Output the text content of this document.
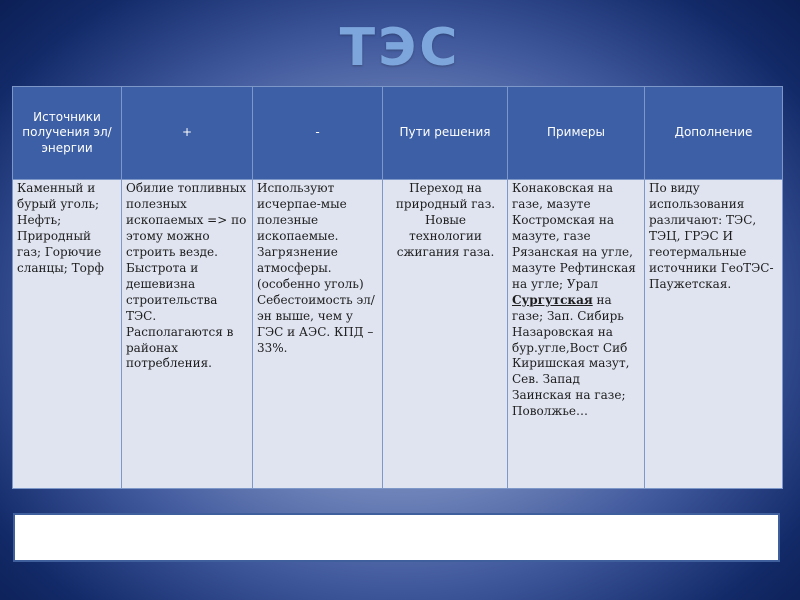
ТЭС
Источники получения эл/энергии	+	-	Пути решения	Примеры	Дополнение
Каменный и бурый уголь; Нефть; Природный газ; Горючие сланцы; Торф	Обилие топливных полезных ископаемых => по этому можно строить везде. Быстрота и дешевизна строительства ТЭС. Располагаются в районах потребления.	Используют исчерпае-мые полезные ископаемые. Загрязнение атмосферы. (особенно уголь) Себестоимость эл/эн выше, чем у ГЭС и АЭС. КПД – 33%.	Переход на природный газ. Новые технологии сжигания газа.	Конаковская на газе, мазуте Костромская на мазуте, газе Рязанская на угле, мазуте Рефтинская на угле; Урал Сургутская на газе; Зап. Сибирь Назаровская на бур.угле,Вост Сиб Киришская мазут, Сев. Запад Заинская на газе; Поволжье…	По виду использования различают: ТЭС, ТЭЦ, ГРЭС И геотермальные источники ГеоТЭС- Паужетская.
